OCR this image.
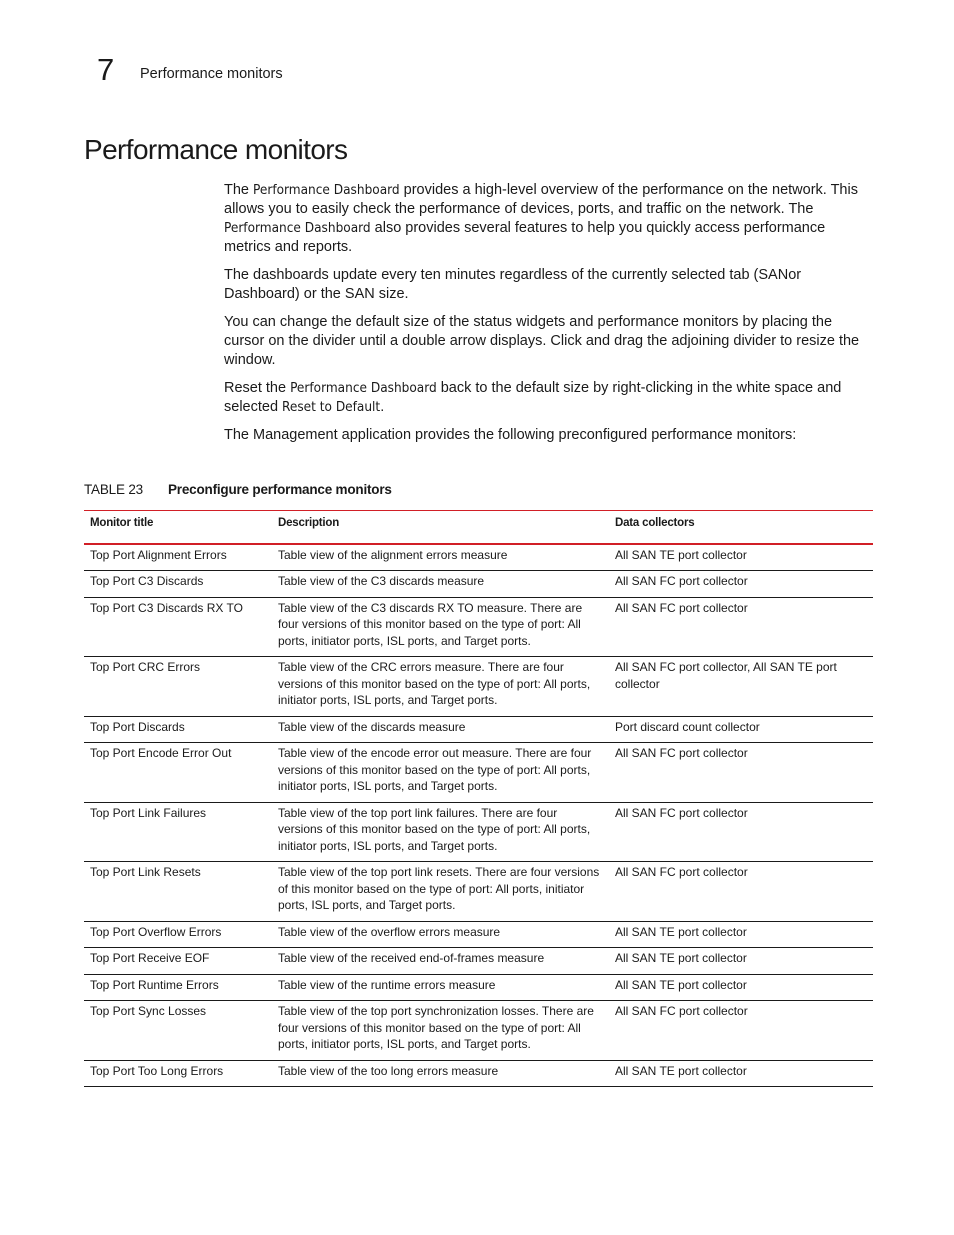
7 Performance monitors
Performance monitors

The Performance Dashboard provides a high-level overview of the performance on the network. This allows you to easily check the performance of devices, ports, and traffic on the network. The Performance Dashboard also provides several features to help you quickly access performance metrics and reports.

The dashboards update every ten minutes regardless of the currently selected tab (SANor Dashboard) or the SAN size.

You can change the default size of the status widgets and performance monitors by placing the cursor on the divider until a double arrow displays. Click and drag the adjoining divider to resize the window.

Reset the Performance Dashboard back to the default size by right-clicking in the white space and selected Reset to Default.

The Management application provides the following preconfigured performance monitors:

TABLE 23 Preconfigure performance monitors
Monitor title	Description	Data collectors
Top Port Alignment Errors	Table view of the alignment errors measure	All SAN TE port collector
Top Port C3 Discards	Table view of the C3 discards measure	All SAN FC port collector
Top Port C3 Discards RX TO	Table view of the C3 discards RX TO measure. There are four versions of this monitor based on the type of port: All ports, initiator ports, ISL ports, and Target ports.	All SAN FC port collector
Top Port CRC Errors	Table view of the CRC errors measure. There are four versions of this monitor based on the type of port: All ports, initiator ports, ISL ports, and Target ports.	All SAN FC port collector, All SAN TE port collector
Top Port Discards	Table view of the discards measure	Port discard count collector
Top Port Encode Error Out	Table view of the encode error out measure. There are four versions of this monitor based on the type of port: All ports, initiator ports, ISL ports, and Target ports.	All SAN FC port collector
Top Port Link Failures	Table view of the top port link failures. There are four versions of this monitor based on the type of port: All ports, initiator ports, ISL ports, and Target ports.	All SAN FC port collector
Top Port Link Resets	Table view of the top port link resets. There are four versions of this monitor based on the type of port: All ports, initiator ports, ISL ports, and Target ports.	All SAN FC port collector
Top Port Overflow Errors	Table view of the overflow errors measure	All SAN TE port collector
Top Port Receive EOF	Table view of the received end-of-frames measure	All SAN TE port collector
Top Port Runtime Errors	Table view of the runtime errors measure	All SAN TE port collector
Top Port Sync Losses	Table view of the top port synchronization losses. There are four versions of this monitor based on the type of port: All ports, initiator ports, ISL ports, and Target ports.	All SAN FC port collector
Top Port Too Long Errors	Table view of the too long errors measure	All SAN TE port collector
